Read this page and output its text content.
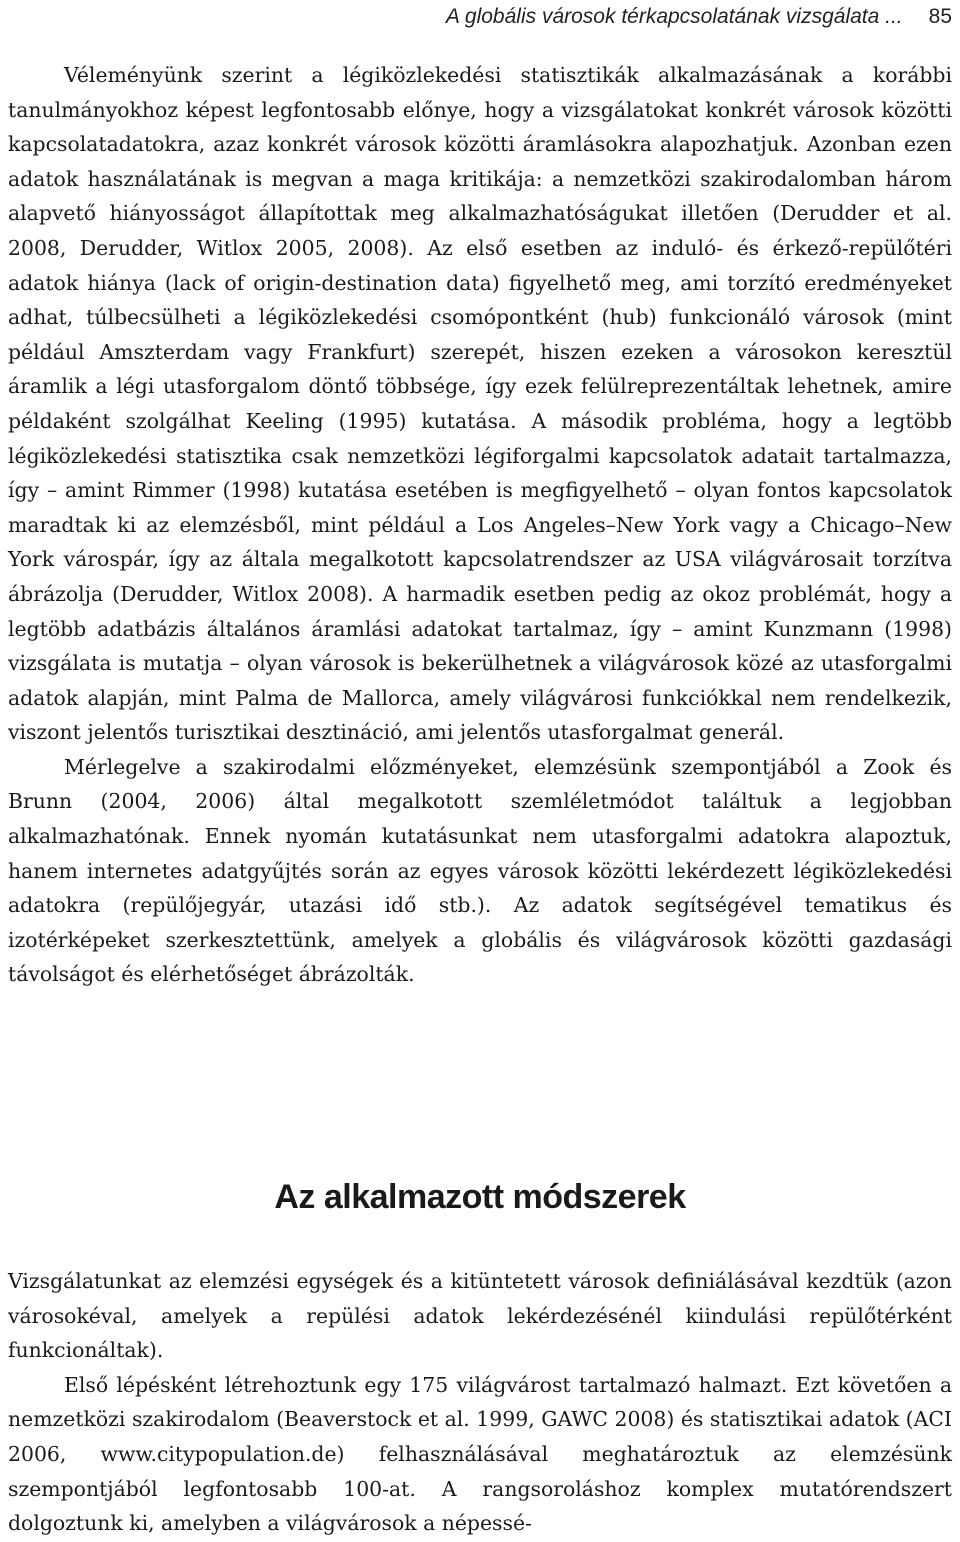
A globális városok térkapcsolatának vizsgálata ... 85

Véleményünk szerint a légiközlekedési statisztikák alkalmazásának a korábbi tanulmányokhoz képest legfontosabb előnye, hogy a vizsgálatokat konkrét városok közötti kapcsolatadatokra, azaz konkrét városok közötti áramlásokra alapozhatjuk. Azonban ezen adatok használatának is megvan a maga kritikája: a nemzetközi szakirodalomban három alapvető hiányosságot állapítottak meg alkalmazhatóságukat illetően (Derudder et al. 2008, Derudder, Witlox 2005, 2008). Az első esetben az induló- és érkező-repülőtéri adatok hiánya (lack of origin-destination data) figyelhető meg, ami torzító eredményeket adhat, túlbecsülheti a légiközlekedési csomópontként (hub) funkcionáló városok (mint például Amszterdam vagy Frankfurt) szerepét, hiszen ezeken a városokon keresztül áramlik a légi utasforgalom döntő többsége, így ezek felülreprezentáltak lehetnek, amire példaként szolgálhat Keeling (1995) kutatása. A második probléma, hogy a legtöbb légiközlekedési statisztika csak nemzetközi légiforgalmi kapcsolatok adatait tartalmazza, így – amint Rimmer (1998) kutatása esetében is megfigyelhető – olyan fontos kapcsolatok maradtak ki az elemzésből, mint például a Los Angeles–New York vagy a Chicago–New York várospár, így az általa megalkotott kapcsolatrendszer az USA világvárosait torzítva ábrázolja (Derudder, Witlox 2008). A harmadik esetben pedig az okoz problémát, hogy a legtöbb adatbázis általános áramlási adatokat tartalmaz, így – amint Kunzmann (1998) vizsgálata is mutatja – olyan városok is bekerülhetnek a világvárosok közé az utasforgalmi adatok alapján, mint Palma de Mallorca, amely világvárosi funkciókkal nem rendelkezik, viszont jelentős turisztikai desztináció, ami jelentős utasforgalmat generál.

Mérlegelve a szakirodalmi előzményeket, elemzésünk szempontjából a Zook és Brunn (2004, 2006) által megalkotott szemléletmódot találtuk a legjobban alkalmazhatónak. Ennek nyomán kutatásunkat nem utasforgalmi adatokra alapoztuk, hanem internetes adatgyűjtés során az egyes városok közötti lekérdezett légiközlekedési adatokra (repülőjegyár, utazási idő stb.). Az adatok segítségével tematikus és izotérképeket szerkesztettünk, amelyek a globális és világvárosok közötti gazdasági távolságot és elérhetőséget ábrázolták.

Az alkalmazott módszerek

Vizsgálatunkat az elemzési egységek és a kitüntetett városok definiálásával kezdtük (azon városokéval, amelyek a repülési adatok lekérdezésénél kiindulási repülőtérként funkcionáltak).

Első lépésként létrehoztunk egy 175 világvárost tartalmazó halmazt. Ezt követően a nemzetközi szakirodalom (Beaverstock et al. 1999, GAWC 2008) és statisztikai adatok (ACI 2006, www.citypopulation.de) felhasználásával meghatároztuk az elemzésünk szempontjából legfontosabb 100-at. A rangsoroláshoz komplex mutatórendszert dolgoztunk ki, amelyben a világvárosok a népessé-
